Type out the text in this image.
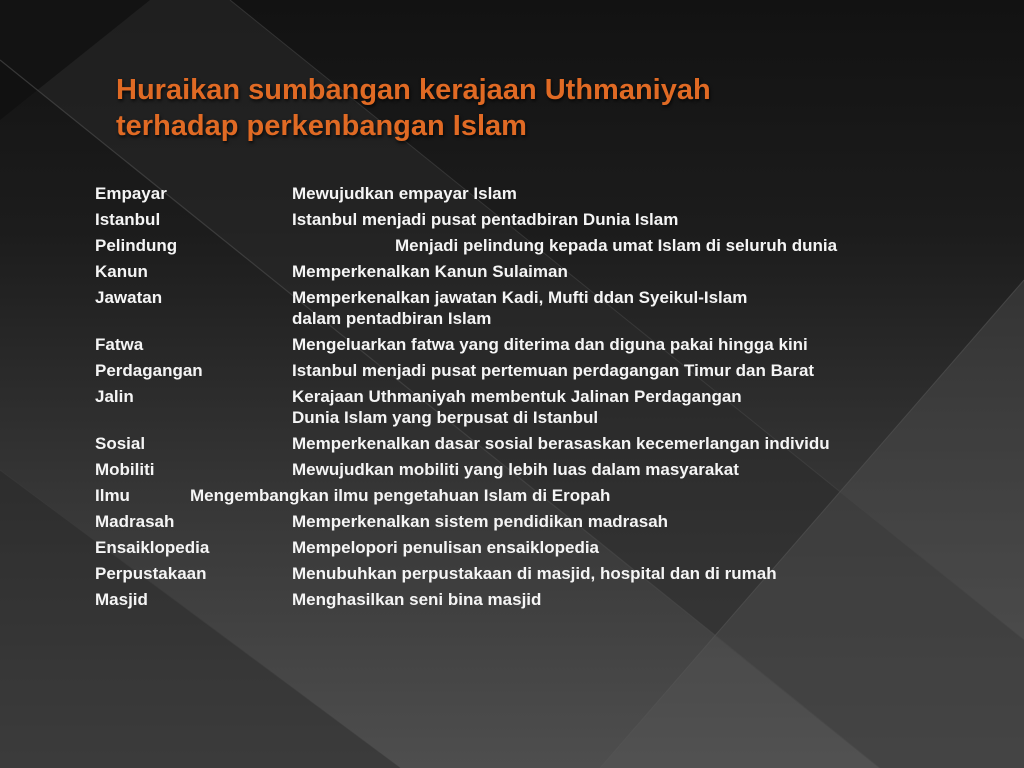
Huraikan sumbangan kerajaan Uthmaniyah
terhadap perkenbangan Islam
Empayar	Mewujudkan empayar Islam
Istanbul	Istanbul menjadi pusat pentadbiran Dunia Islam
Pelindung	Menjadi pelindung kepada umat Islam di seluruh dunia
Kanun	Memperkenalkan Kanun Sulaiman
Jawatan	Memperkenalkan jawatan Kadi, Mufti ddan Syeikul-Islam
dalam pentadbiran Islam
Fatwa	Mengeluarkan fatwa yang diterima dan diguna pakai hingga kini
Perdagangan	Istanbul menjadi pusat pertemuan perdagangan Timur dan Barat
Jalin	Kerajaan Uthmaniyah membentuk Jalinan Perdagangan
Dunia Islam yang berpusat di Istanbul
Sosial	Memperkenalkan dasar sosial berasaskan kecemerlangan individu
Mobiliti	Mewujudkan mobiliti yang lebih luas dalam masyarakat
Ilmu	Mengembangkan ilmu pengetahuan Islam di Eropah
Madrasah	Memperkenalkan sistem pendidikan madrasah
Ensaiklopedia	Mempelopori penulisan ensaiklopedia
Perpustakaan	Menubuhkan perpustakaan di masjid, hospital dan di rumah
Masjid	Menghasilkan seni bina masjid
